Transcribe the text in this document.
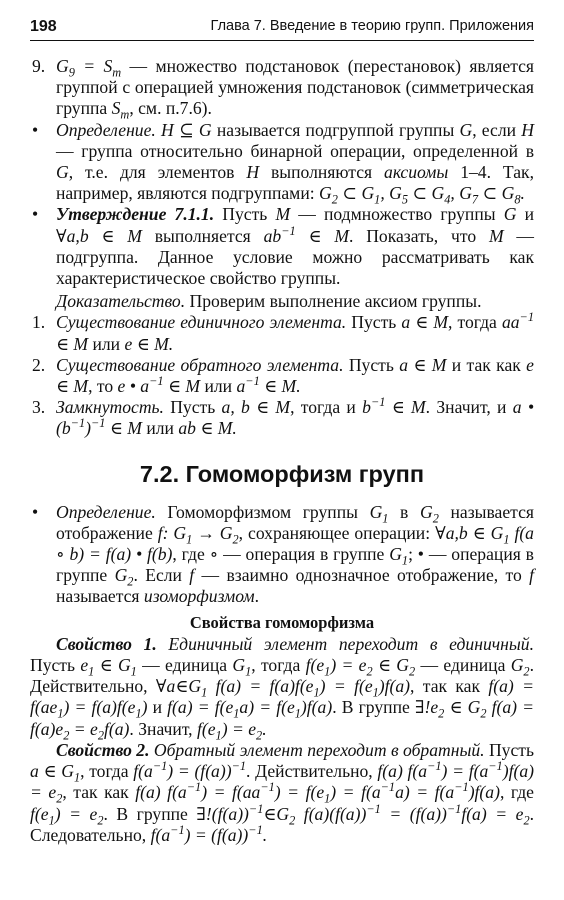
198	Глава 7. Введение в теорию групп. Приложения
9. $G_9 = S_m$ — множество подстановок (перестановок) является группой с операцией умножения подстановок (симметрическая группа $S_m$, см. п.7.6).
• Определение. H ⊆ G называется подгруппой группы G, если H — группа относительно бинарной операции, определенной в G, т.е. для элементов H выполняются аксиомы 1–4. Так, например, являются подгруппами: $G_2$ ⊂ $G_1$, $G_5$ ⊂ $G_4$, $G_7$ ⊂ $G_8$.
• Утверждение 7.1.1. Пусть M — подмножество группы G и ∀a,b ∈ M выполняется $ab^{-1}$ ∈ M. Показать, что M — подгруппа. Данное условие можно рассматривать как характеристическое свойство группы.
Доказательство. Проверим выполнение аксиом группы.
1. Существование единичного элемента. Пусть a ∈ M, тогда $aa^{-1}$ ∈ M или e ∈ M.
2. Существование обратного элемента. Пусть a ∈ M и так как e ∈ M, то e • $a^{-1}$ ∈ M или $a^{-1}$ ∈ M.
3. Замкнутость. Пусть a, b ∈ M, тогда и $b^{-1}$ ∈ M. Значит, и a • $(b^{-1})^{-1}$ ∈ M или ab ∈ M.
7.2. Гомоморфизм групп
• Определение. Гомоморфизмом группы $G_1$ в $G_2$ называется отображение f: $G_1 \to G_2$, сохраняющее операции: ∀a,b ∈ $G_1$ f(a ∘ b) = f(a) • f(b), где ∘ — операция в группе $G_1$; • — операция в группе $G_2$. Если f — взаимно однозначное отображение, то f называется изоморфизмом.
Свойства гомоморфизма
Свойство 1. Единичный элемент переходит в единичный. Пусть $e_1$ ∈ $G_1$ — единица $G_1$, тогда $f(e_1) = e_2$ ∈ $G_2$ — единица $G_2$. Действительно, $\forall a\in G_1$ $f(a) = f(a)f(e_1) = f(e_1)f(a)$, так как $f(a) = f(ae_1) = f(a)f(e_1)$ и $f(a) = f(e_1a) = f(e_1)f(a)$. В группе $\exists!e_2$ ∈ $G_2$ $f(a) = f(a)e_2 = e_2f(a)$. Значит, $f(e_1) = e_2$.
Свойство 2. Обратный элемент переходит в обратный. Пусть a ∈ $G_1$, тогда $f(a^{-1}) = (f(a))^{-1}$. Действительно, f(a) $f(a^{-1}) = f(a^{-1})f(a) = e_2$, так как f(a) $f(a^{-1}) = f(aa^{-1}) = f(e_1) = f(a^{-1}a) = f(a^{-1})f(a)$, где $f(e_1) = e_2$. В группе $\exists!(f(a))^{-1}\in G_2$ $f(a)(f(a))^{-1} = (f(a))^{-1}f(a) = e_2$. Следовательно, $f(a^{-1}) = (f(a))^{-1}$.
